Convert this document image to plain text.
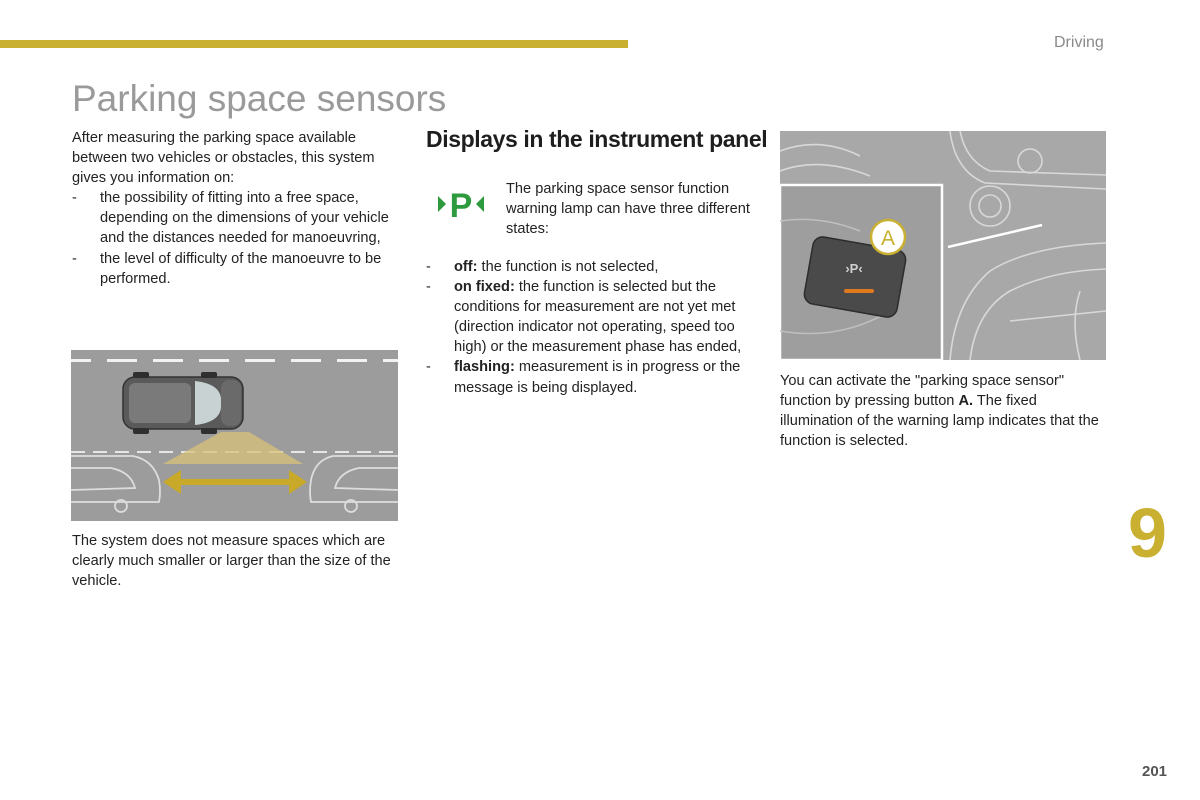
Driving
Parking space sensors

After measuring the parking space available between two vehicles or obstacles, this system gives you information on:

- the possibility of fitting into a free space, depending on the dimensions of your vehicle and the distances needed for manoeuvring,
- the level of difficulty of the manoeuvre to be performed.

The system does not measure spaces which are clearly much smaller or larger than the size of the vehicle.

Displays in the instrument panel
P The parking space sensor function warning lamp can have three different states:

- off: the function is not selected,
- on fixed: the function is selected but the conditions for measurement are not yet met (direction indicator not operating, speed too high) or the measurement phase has ended,
- flashing: measurement is in progress or the message is being displayed.
›P‹
A

You can activate the "parking space sensor" function by pressing button A. The fixed illumination of the warning lamp indicates that the function is selected.

9
201
